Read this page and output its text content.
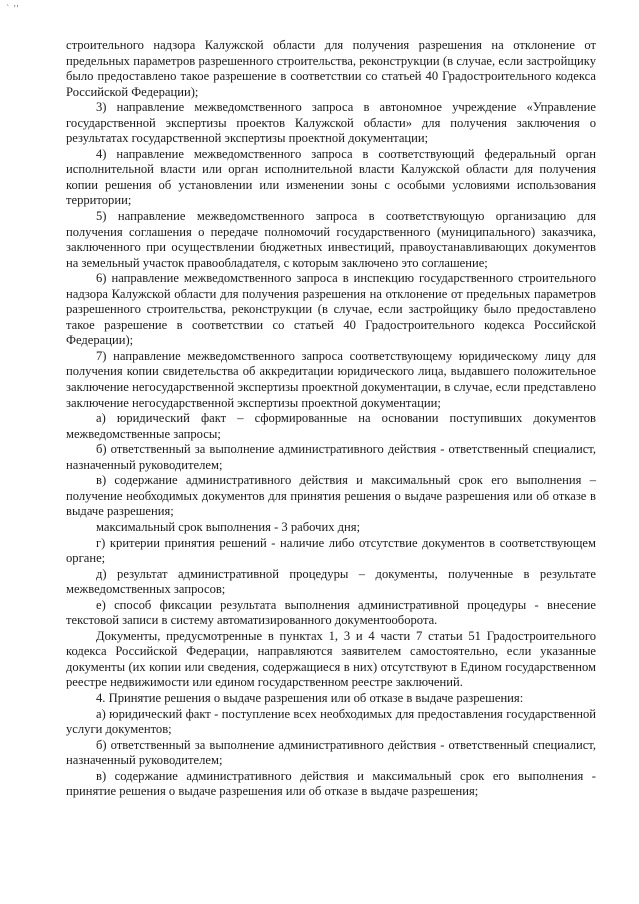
` ''

строительного надзора Калужской области для получения разрешения на отклонение от предельных параметров разрешенного строительства, реконструкции (в случае, если застройщику было предоставлено такое разрешение в соответствии со статьей 40 Градостроительного кодекса Российской Федерации);

3) направление межведомственного запроса в автономное учреждение «Управление государственной экспертизы проектов Калужской области» для получения заключения о результатах государственной экспертизы проектной документации;

4) направление межведомственного запроса в соответствующий федеральный орган исполнительной власти или орган исполнительной власти Калужской области для получения копии решения об установлении или изменении зоны с особыми условиями использования территории;

5) направление межведомственного запроса в соответствующую организацию для получения соглашения о передаче полномочий государственного (муниципального) заказчика, заключенного при осуществлении бюджетных инвестиций, правоустанавливающих документов на земельный участок правообладателя, с которым заключено это соглашение;

6) направление межведомственного запроса в инспекцию государственного строительного надзора Калужской области для получения разрешения на отклонение от предельных параметров разрешенного строительства, реконструкции (в случае, если застройщику было предоставлено такое разрешение в соответствии со статьей 40 Градостроительного кодекса Российской Федерации);

7) направление межведомственного запроса соответствующему юридическому лицу для получения копии свидетельства об аккредитации юридического лица, выдавшего положительное заключение негосударственной экспертизы проектной документации, в случае, если представлено заключение негосударственной экспертизы проектной документации;

а) юридический факт – сформированные на основании поступивших документов межведомственные запросы;

б) ответственный за выполнение административного действия - ответственный специалист, назначенный руководителем;

в) содержание административного действия и максимальный срок его выполнения – получение необходимых документов для принятия решения о выдаче разрешения или об отказе в выдаче разрешения;

максимальный срок выполнения - 3 рабочих дня;

г) критерии принятия решений - наличие либо отсутствие документов в соответствующем органе;

д) результат административной процедуры – документы, полученные в результате межведомственных запросов;

е) способ фиксации результата выполнения административной процедуры - внесение текстовой записи в систему автоматизированного документооборота.

Документы, предусмотренные в пунктах 1, 3 и 4 части 7 статьи 51 Градостроительного кодекса Российской Федерации, направляются заявителем самостоятельно, если указанные документы (их копии или сведения, содержащиеся в них) отсутствуют в Едином государственном реестре недвижимости или едином государственном реестре заключений.

4. Принятие решения о выдаче разрешения или об отказе в выдаче разрешения:

а) юридический факт - поступление всех необходимых для предоставления государственной услуги документов;

б) ответственный за выполнение административного действия - ответственный специалист, назначенный руководителем;

в) содержание административного действия и максимальный срок его выполнения - принятие решения о выдаче разрешения или об отказе в выдаче разрешения;
